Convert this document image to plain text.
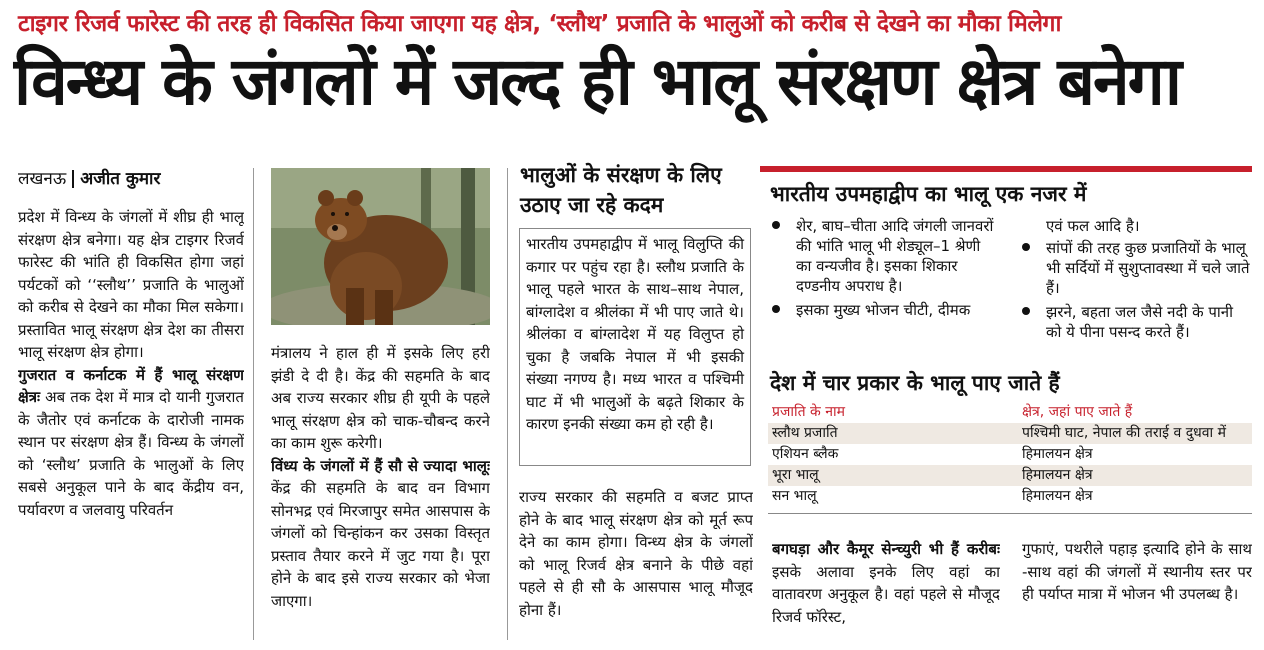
टाइगर रिजर्व फारेस्ट की तरह ही विकसित किया जाएगा यह क्षेत्र, ‘स्लौथ’ प्रजाति के भालुओं को करीब से देखने का मौका मिलेगा
विन्ध्य के जंगलों में जल्द ही भालू संरक्षण क्षेत्र बनेगा
लखनऊ अजीत कुमार
प्रदेश में विन्ध्य के जंगलों में शीघ्र ही भालू संरक्षण क्षेत्र बनेगा। यह क्षेत्र टाइगर रिजर्व फारेस्ट की भांति ही विकसित होगा जहां पर्यटकों को ‘‘स्लौथ’’ प्रजाति के भालुओं को करीब से देखने का मौका मिल सकेगा। प्रस्तावित भालू संरक्षण क्षेत्र देश का तीसरा भालू संरक्षण क्षेत्र होगा।
गुजरात व कर्नाटक में हैं भालू संरक्षण क्षेत्रः अब तक देश में मात्र दो यानी गुजरात के जैतोर एवं कर्नाटक के दारोजी नामक स्थान पर संरक्षण क्षेत्र हैं। विन्ध्य के जंगलों को ‘स्लौथ’ प्रजाति के भालुओं के लिए सबसे अनुकूल पाने के बाद केंद्रीय वन, पर्यावरण व जलवायु परिवर्तन
मंत्रालय ने हाल ही में इसके लिए हरी झंडी दे दी है। केंद्र की सहमति के बाद अब राज्य सरकार शीघ्र ही यूपी के पहले भालू संरक्षण क्षेत्र को चाक-चौबन्द करने का काम शुरू करेगी।
विंध्य के जंगलों में हैं सौ से ज्यादा भालूः केंद्र की सहमति के बाद वन विभाग सोनभद्र एवं मिरजापुर समेत आसपास के जंगलों को चिन्हांकन कर उसका विस्तृत प्रस्ताव तैयार करने में जुट गया है। पूरा होने के बाद इसे राज्य सरकार को भेजा जाएगा।
भालुओं के संरक्षण के लिए उठाए जा रहे कदम
भारतीय उपमहाद्वीप में भालू विलुप्ति की कगार पर पहुंच रहा है। स्लौथ प्रजाति के भालू पहले भारत के साथ–साथ नेपाल, बांग्लादेश व श्रीलंका में भी पाए जाते थे। श्रीलंका व बांग्लादेश में यह विलुप्त हो चुका है जबकि नेपाल में भी इसकी संख्या नगण्य है। मध्य भारत व पश्चिमी घाट में भी भालुओं के बढ़ते शिकार के कारण इनकी संख्या कम हो रही है।
राज्य सरकार की सहमति व बजट प्राप्त होने के बाद भालू संरक्षण क्षेत्र को मूर्त रूप देने का काम होगा। विन्ध्य क्षेत्र के जंगलों को भालू रिजर्व क्षेत्र बनाने के पीछे वहां पहले से ही सौ के आसपास भालू मौजूद होना हैं।
भारतीय उपमहाद्वीप का भालू एक नजर में
शेर, बाघ–चीता आदि जंगली जानवरों की भांति भालू भी शेड्यूल–1 श्रेणी का वन्यजीव है। इसका शिकार दण्डनीय अपराध है।
इसका मुख्य भोजन चीटी, दीमक
एवं फल आदि है।
सांपों की तरह कुछ प्रजातियों के भालू भी सर्दियों में सुशुप्तावस्था में चले जाते हैं।
झरने, बहता जल जैसे नदी के पानी को ये पीना पसन्द करते हैं।
देश में चार प्रकार के भालू पाए जाते हैं
प्रजाति के नाम	क्षेत्र, जहां पाए जाते हैं
स्लौथ प्रजाति	पश्चिमी घाट, नेपाल की तराई व दुधवा में
एशियन ब्लैक	हिमालयन क्षेत्र
भूरा भालू	हिमालयन क्षेत्र
सन भालू	हिमालयन क्षेत्र
बगघड़ा और कैमूर सेन्च्युरी भी हैं करीबः इसके अलावा इनके लिए वहां का वातावरण अनुकूल है। वहां पहले से मौजूद रिजर्व फॉरेस्ट,
गुफाएं, पथरीले पहाड़ इत्यादि होने के साथ -साथ वहां की जंगलों में स्थानीय स्तर पर ही पर्याप्त मात्रा में भोजन भी उपलब्ध है।
